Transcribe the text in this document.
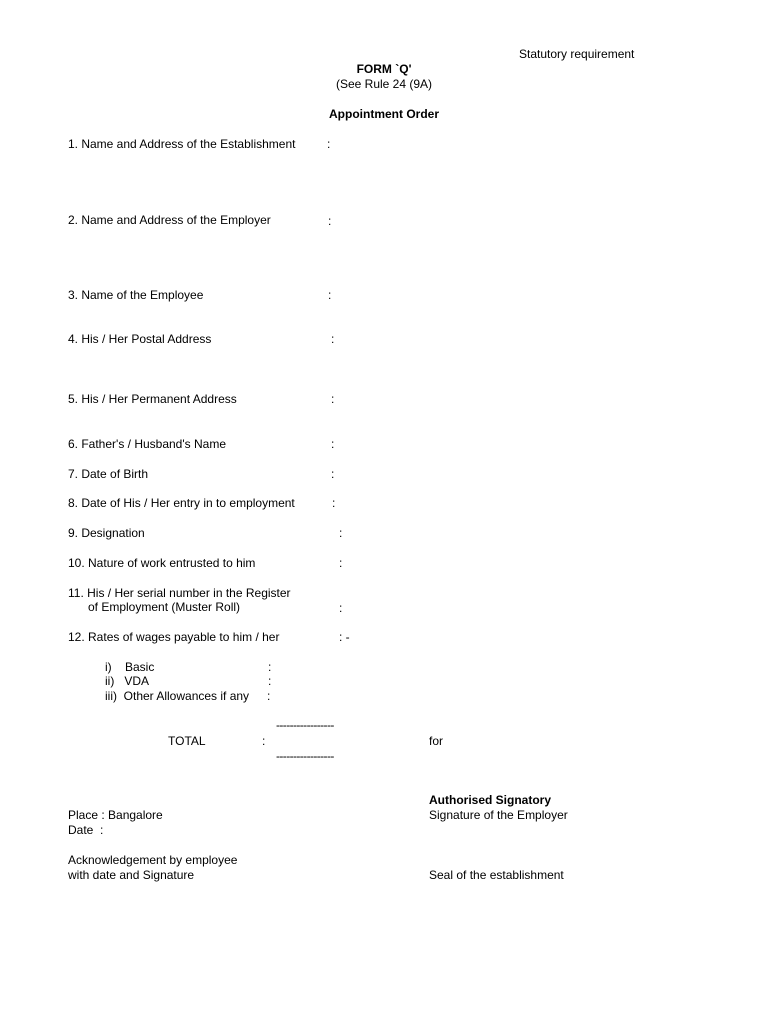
Statutory requirement
FORM `Q'
(See Rule 24 (9A)
Appointment Order
1. Name and Address of the Establishment	:
2. Name and Address of the Employer	:
3. Name of the Employee	:
4. His / Her Postal Address	:
5. His / Her Permanent Address	:
6. Father's / Husband's Name	:
7. Date of Birth	:
8. Date of His / Her entry in to employment	:
9. Designation	:
10. Nature of work entrusted to him	:
11. His / Her serial number in the Register
of Employment (Muster Roll)	:
12. Rates of wages payable to him / her	: -
i)    Basic	:
ii)   VDA	:
iii)  Other Allowances if any :
-----------------
TOTAL	:
-----------------
for
Authorised Signatory
Place : Bangalore	Signature of the Employer
Date  :
Acknowledgement by employee
with date and Signature	Seal of the establishment
